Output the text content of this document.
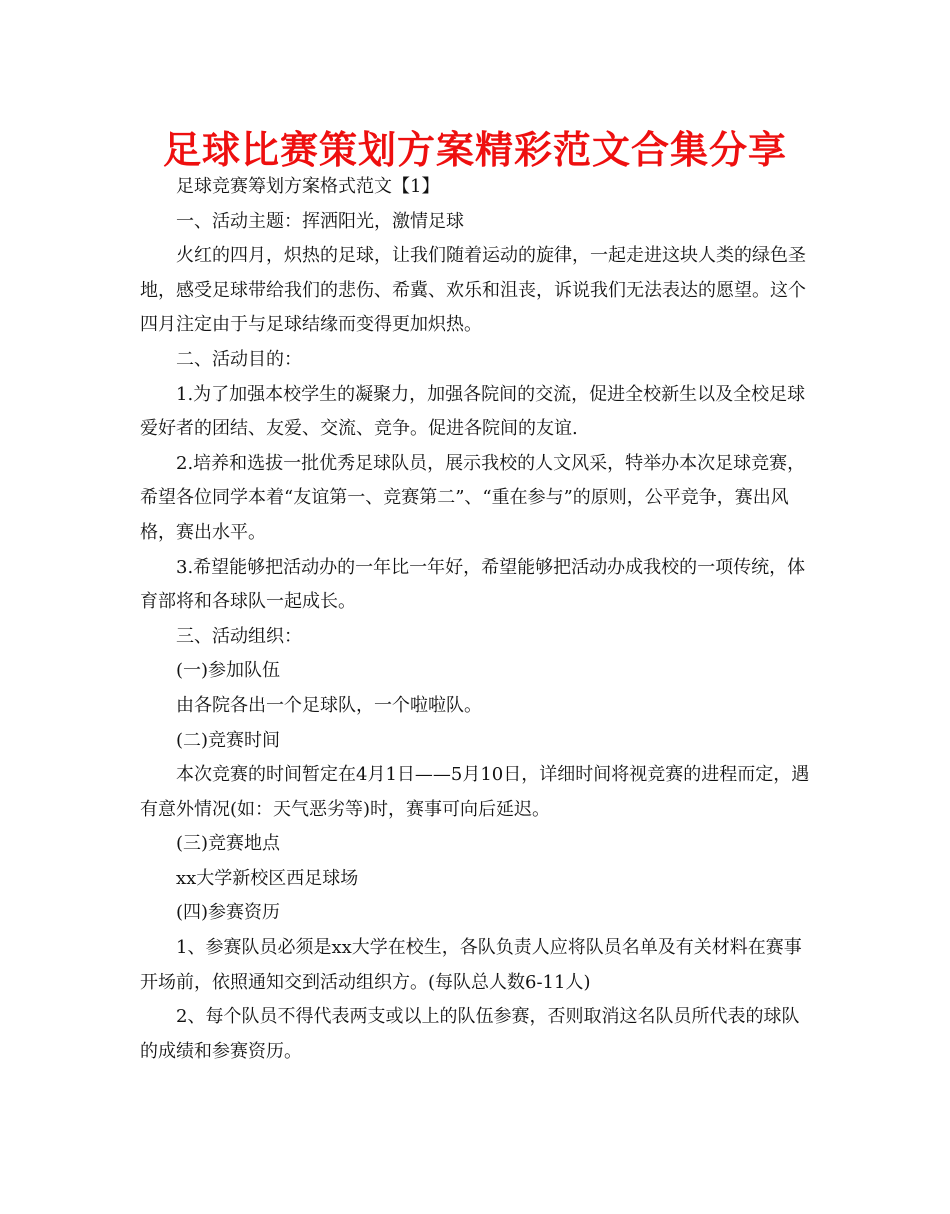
足球比赛策划方案精彩范文合集分享

足球竞赛筹划方案格式范文【1】

一、活动主题：挥洒阳光，激情足球

火红的四月，炽热的足球，让我们随着运动的旋律，一起走进这块人类的绿色圣地，感受足球带给我们的悲伤、希冀、欢乐和沮丧，诉说我们无法表达的愿望。这个四月注定由于与足球结缘而变得更加炽热。

二、活动目的：

1.为了加强本校学生的凝聚力，加强各院间的交流，促进全校新生以及全校足球爱好者的团结、友爱、交流、竞争。促进各院间的友谊.

2.培养和选拔一批优秀足球队员，展示我校的人文风采，特举办本次足球竞赛，希望各位同学本着“友谊第一、竞赛第二”、“重在参与”的原则，公平竞争，赛出风格，赛出水平。

3.希望能够把活动办的一年比一年好，希望能够把活动办成我校的一项传统，体育部将和各球队一起成长。

三、活动组织：

(一)参加队伍

由各院各出一个足球队，一个啦啦队。

(二)竞赛时间

本次竞赛的时间暂定在4月1日——5月10日，详细时间将视竞赛的进程而定，遇有意外情况(如：天气恶劣等)时，赛事可向后延迟。

(三)竞赛地点

xx大学新校区西足球场

(四)参赛资历

1、参赛队员必须是xx大学在校生，各队负责人应将队员名单及有关材料在赛事开场前，依照通知交到活动组织方。(每队总人数6-11人)

2、每个队员不得代表两支或以上的队伍参赛，否则取消这名队员所代表的球队的成绩和参赛资历。
